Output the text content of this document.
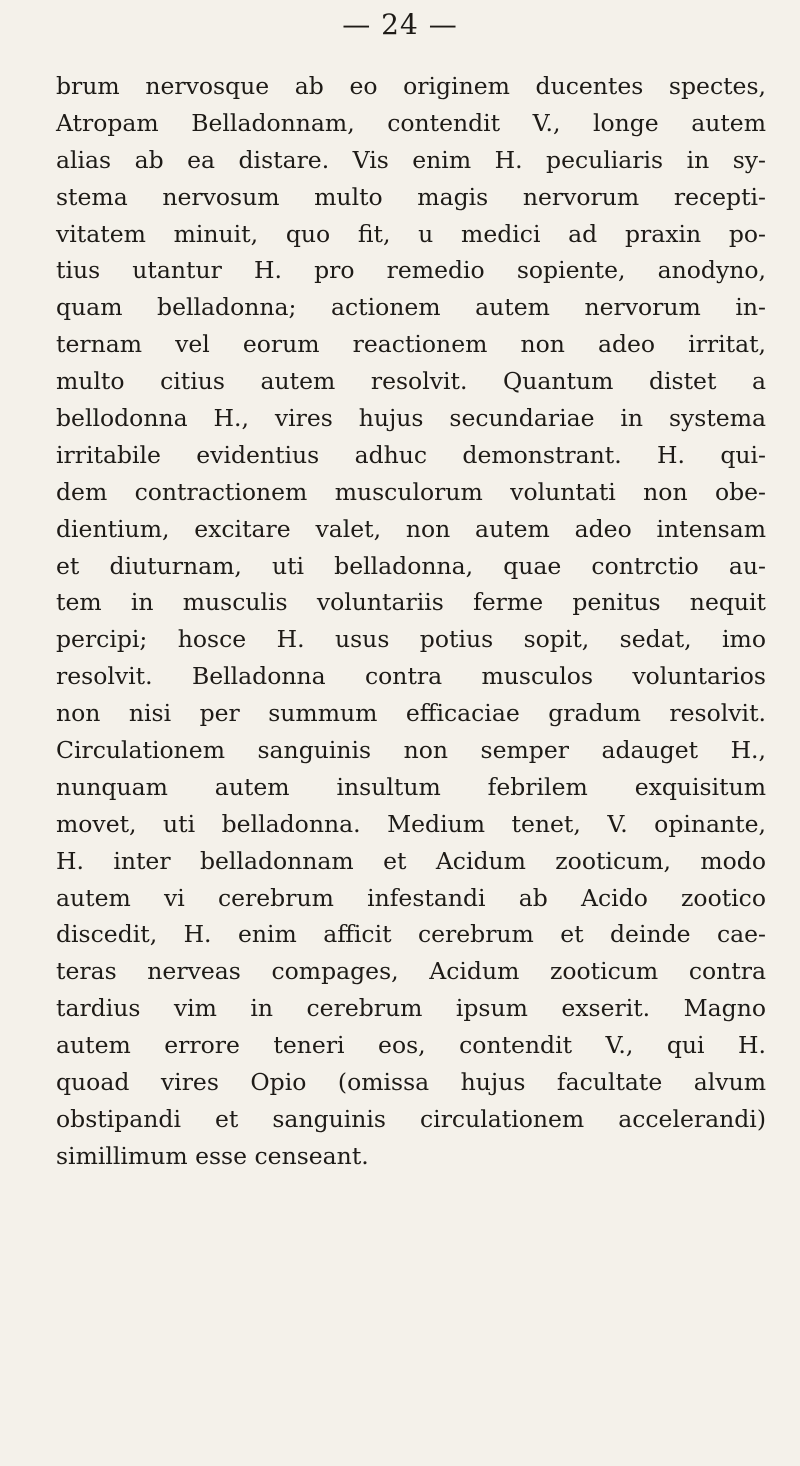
— 24 —
brum nervosque ab eo originem ducentes spectes,
Atropam Belladonnam, contendit V., longe autem
alias ab ea distare. Vis enim H. peculiaris in sy-
stema nervosum multo magis nervorum recepti-
vitatem minuit, quo fit, u medici ad praxin po-
tius utantur H. pro remedio sopiente, anodyno,
quam belladonna; actionem autem nervorum in-
ternam vel eorum reactionem non adeo irritat,
multo citius autem resolvit. Quantum distet a
bellodonna H., vires hujus secundariae in systema
irritabile evidentius adhuc demonstrant. H. qui-
dem contractionem musculorum voluntati non obe-
dientium, excitare valet, non autem adeo intensam
et diuturnam, uti belladonna, quae contrctio au-
tem in musculis voluntariis ferme penitus nequit
percipi; hosce H. usus potius sopit, sedat, imo
resolvit. Belladonna contra musculos voluntarios
non nisi per summum efficaciae gradum resolvit.
Circulationem sanguinis non semper adauget H.,
nunquam autem insultum febrilem exquisitum
movet, uti belladonna. Medium tenet, V. opinante,
H. inter belladonnam et Acidum zooticum, modo
autem vi cerebrum infestandi ab Acido zootico
discedit, H. enim afficit cerebrum et deinde cae-
teras nerveas compages, Acidum zooticum contra
tardius vim in cerebrum ipsum exserit. Magno
autem errore teneri eos, contendit V., qui H.
quoad vires Opio (omissa hujus facultate alvum
obstipandi et sanguinis circulationem accelerandi)
simillimum esse censeant.
